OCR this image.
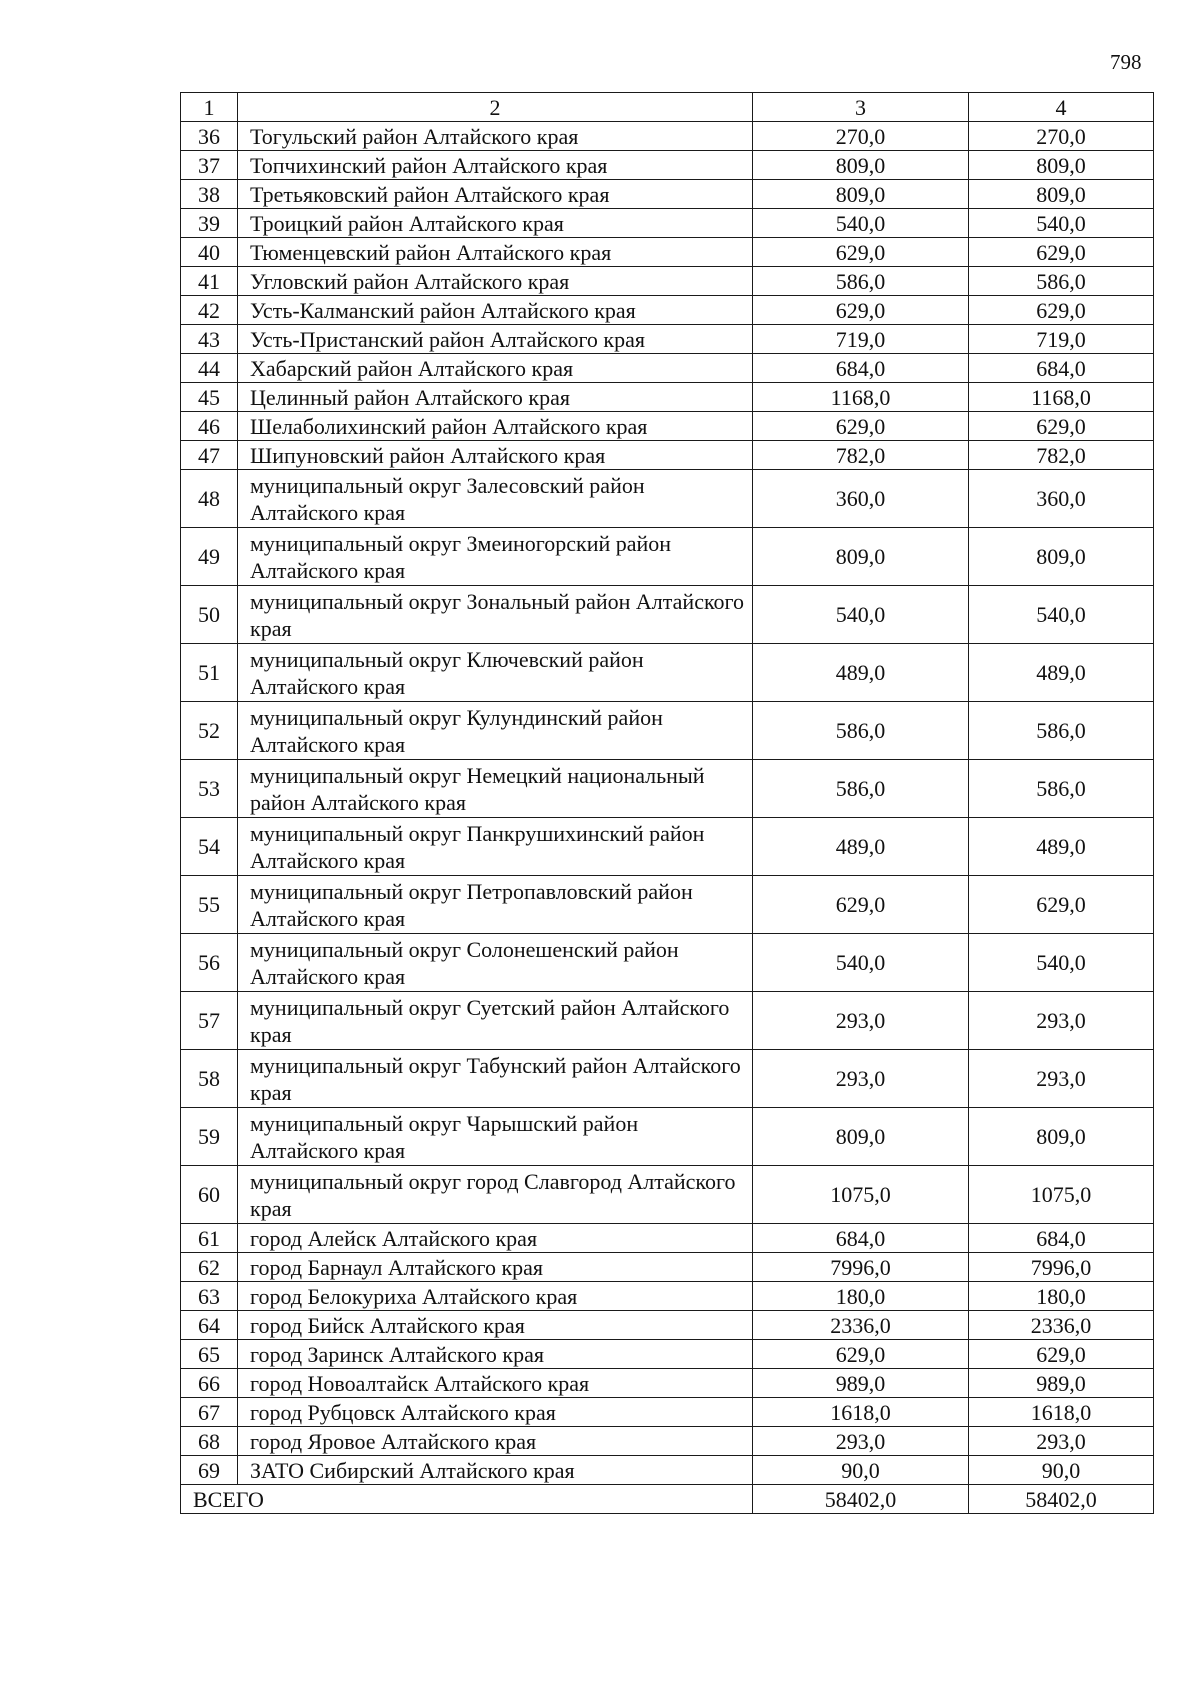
798
1	2	3	4
36	Тогульский район Алтайского края	270,0	270,0
37	Топчихинский район Алтайского края	809,0	809,0
38	Третьяковский район Алтайского края	809,0	809,0
39	Троицкий район Алтайского края	540,0	540,0
40	Тюменцевский район Алтайского края	629,0	629,0
41	Угловский район Алтайского края	586,0	586,0
42	Усть-Калманский район Алтайского края	629,0	629,0
43	Усть-Пристанский район Алтайского края	719,0	719,0
44	Хабарский район Алтайского края	684,0	684,0
45	Целинный район Алтайского края	1168,0	1168,0
46	Шелаболихинский район Алтайского края	629,0	629,0
47	Шипуновский район Алтайского края	782,0	782,0
48	муниципальный округ Залесовский район Алтайского края	360,0	360,0
49	муниципальный округ Змеиногорский район Алтайского края	809,0	809,0
50	муниципальный округ Зональный район Алтайского края	540,0	540,0
51	муниципальный округ Ключевский район Алтайского края	489,0	489,0
52	муниципальный округ Кулундинский район Алтайского края	586,0	586,0
53	муниципальный округ Немецкий национальный район Алтайского края	586,0	586,0
54	муниципальный округ Панкрушихинский район Алтайского края	489,0	489,0
55	муниципальный округ Петропавловский район Алтайского края	629,0	629,0
56	муниципальный округ Солонешенский район Алтайского края	540,0	540,0
57	муниципальный округ Суетский район Алтайского края	293,0	293,0
58	муниципальный округ Табунский район Алтайского края	293,0	293,0
59	муниципальный округ Чарышский район Алтайского края	809,0	809,0
60	муниципальный округ город Славгород Алтайского края	1075,0	1075,0
61	город Алейск Алтайского края	684,0	684,0
62	город Барнаул Алтайского края	7996,0	7996,0
63	город Белокуриха Алтайского края	180,0	180,0
64	город Бийск Алтайского края	2336,0	2336,0
65	город Заринск Алтайского края	629,0	629,0
66	город Новоалтайск Алтайского края	989,0	989,0
67	город Рубцовск Алтайского края	1618,0	1618,0
68	город Яровое Алтайского края	293,0	293,0
69	ЗАТО Сибирский Алтайского края	90,0	90,0
ВСЕГО		58402,0	58402,0
